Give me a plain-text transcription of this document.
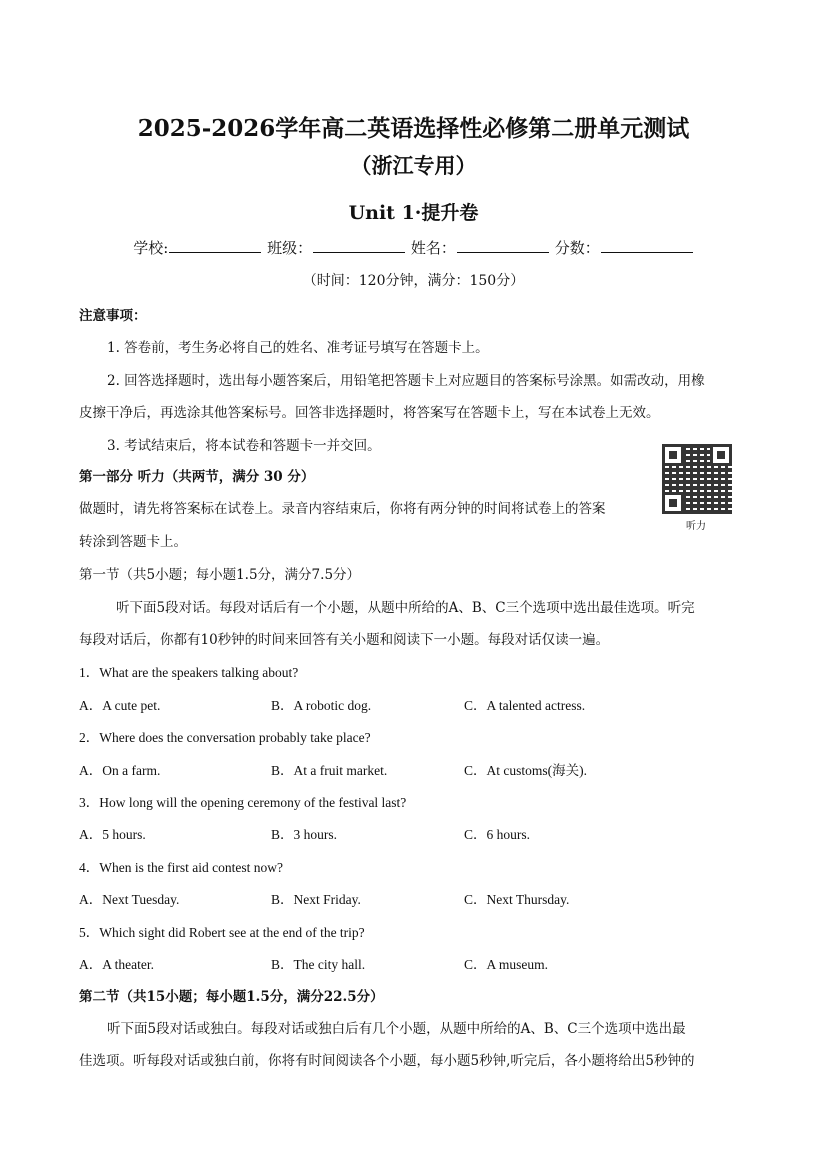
2025-2026学年高二英语选择性必修第二册单元测试
（浙江专用）
Unit 1·提升卷
学校:	班级：	姓名：	分数：
（时间：120分钟，满分：150分）
注意事项：
1. 答卷前，考生务必将自己的姓名、准考证号填写在答题卡上。
2. 回答选择题时，选出每小题答案后，用铅笔把答题卡上对应题目的答案标号涂黑。如需改动，用橡
皮擦干净后，再选涂其他答案标号。回答非选择题时，将答案写在答题卡上，写在本试卷上无效。
3. 考试结束后，将本试卷和答题卡一并交回。
第一部分 听力（共两节，满分 30 分）
做题时，请先将答案标在试卷上。录音内容结束后，你将有两分钟的时间将试卷上的答案
转涂到答题卡上。
听力
第一节（共5小题；每小题1.5分，满分7.5分）
听下面5段对话。每段对话后有一个小题，从题中所给的A、B、C三个选项中选出最佳选项。听完
每段对话后，你都有10秒钟的时间来回答有关小题和阅读下一小题。每段对话仅读一遍。
1．What are the speakers talking about?
A．A cute pet.	B．A robotic dog.	C．A talented actress.
2．Where does the conversation probably take place?
A．On a farm.	B．At a fruit market.	C．At customs(海关).
3．How long will the opening ceremony of the festival last?
A．5 hours.	B．3 hours.	C．6 hours.
4．When is the first aid contest now?
A．Next Tuesday.	B．Next Friday.	C．Next Thursday.
5．Which sight did Robert see at the end of the trip?
A．A theater.	B．The city hall.	C．A museum.
第二节（共15小题；每小题1.5分，满分22.5分）
听下面5段对话或独白。每段对话或独白后有几个小题，从题中所给的A、B、C三个选项中选出最
佳选项。听每段对话或独白前，你将有时间阅读各个小题，每小题5秒钟,听完后，各小题将给出5秒钟的
